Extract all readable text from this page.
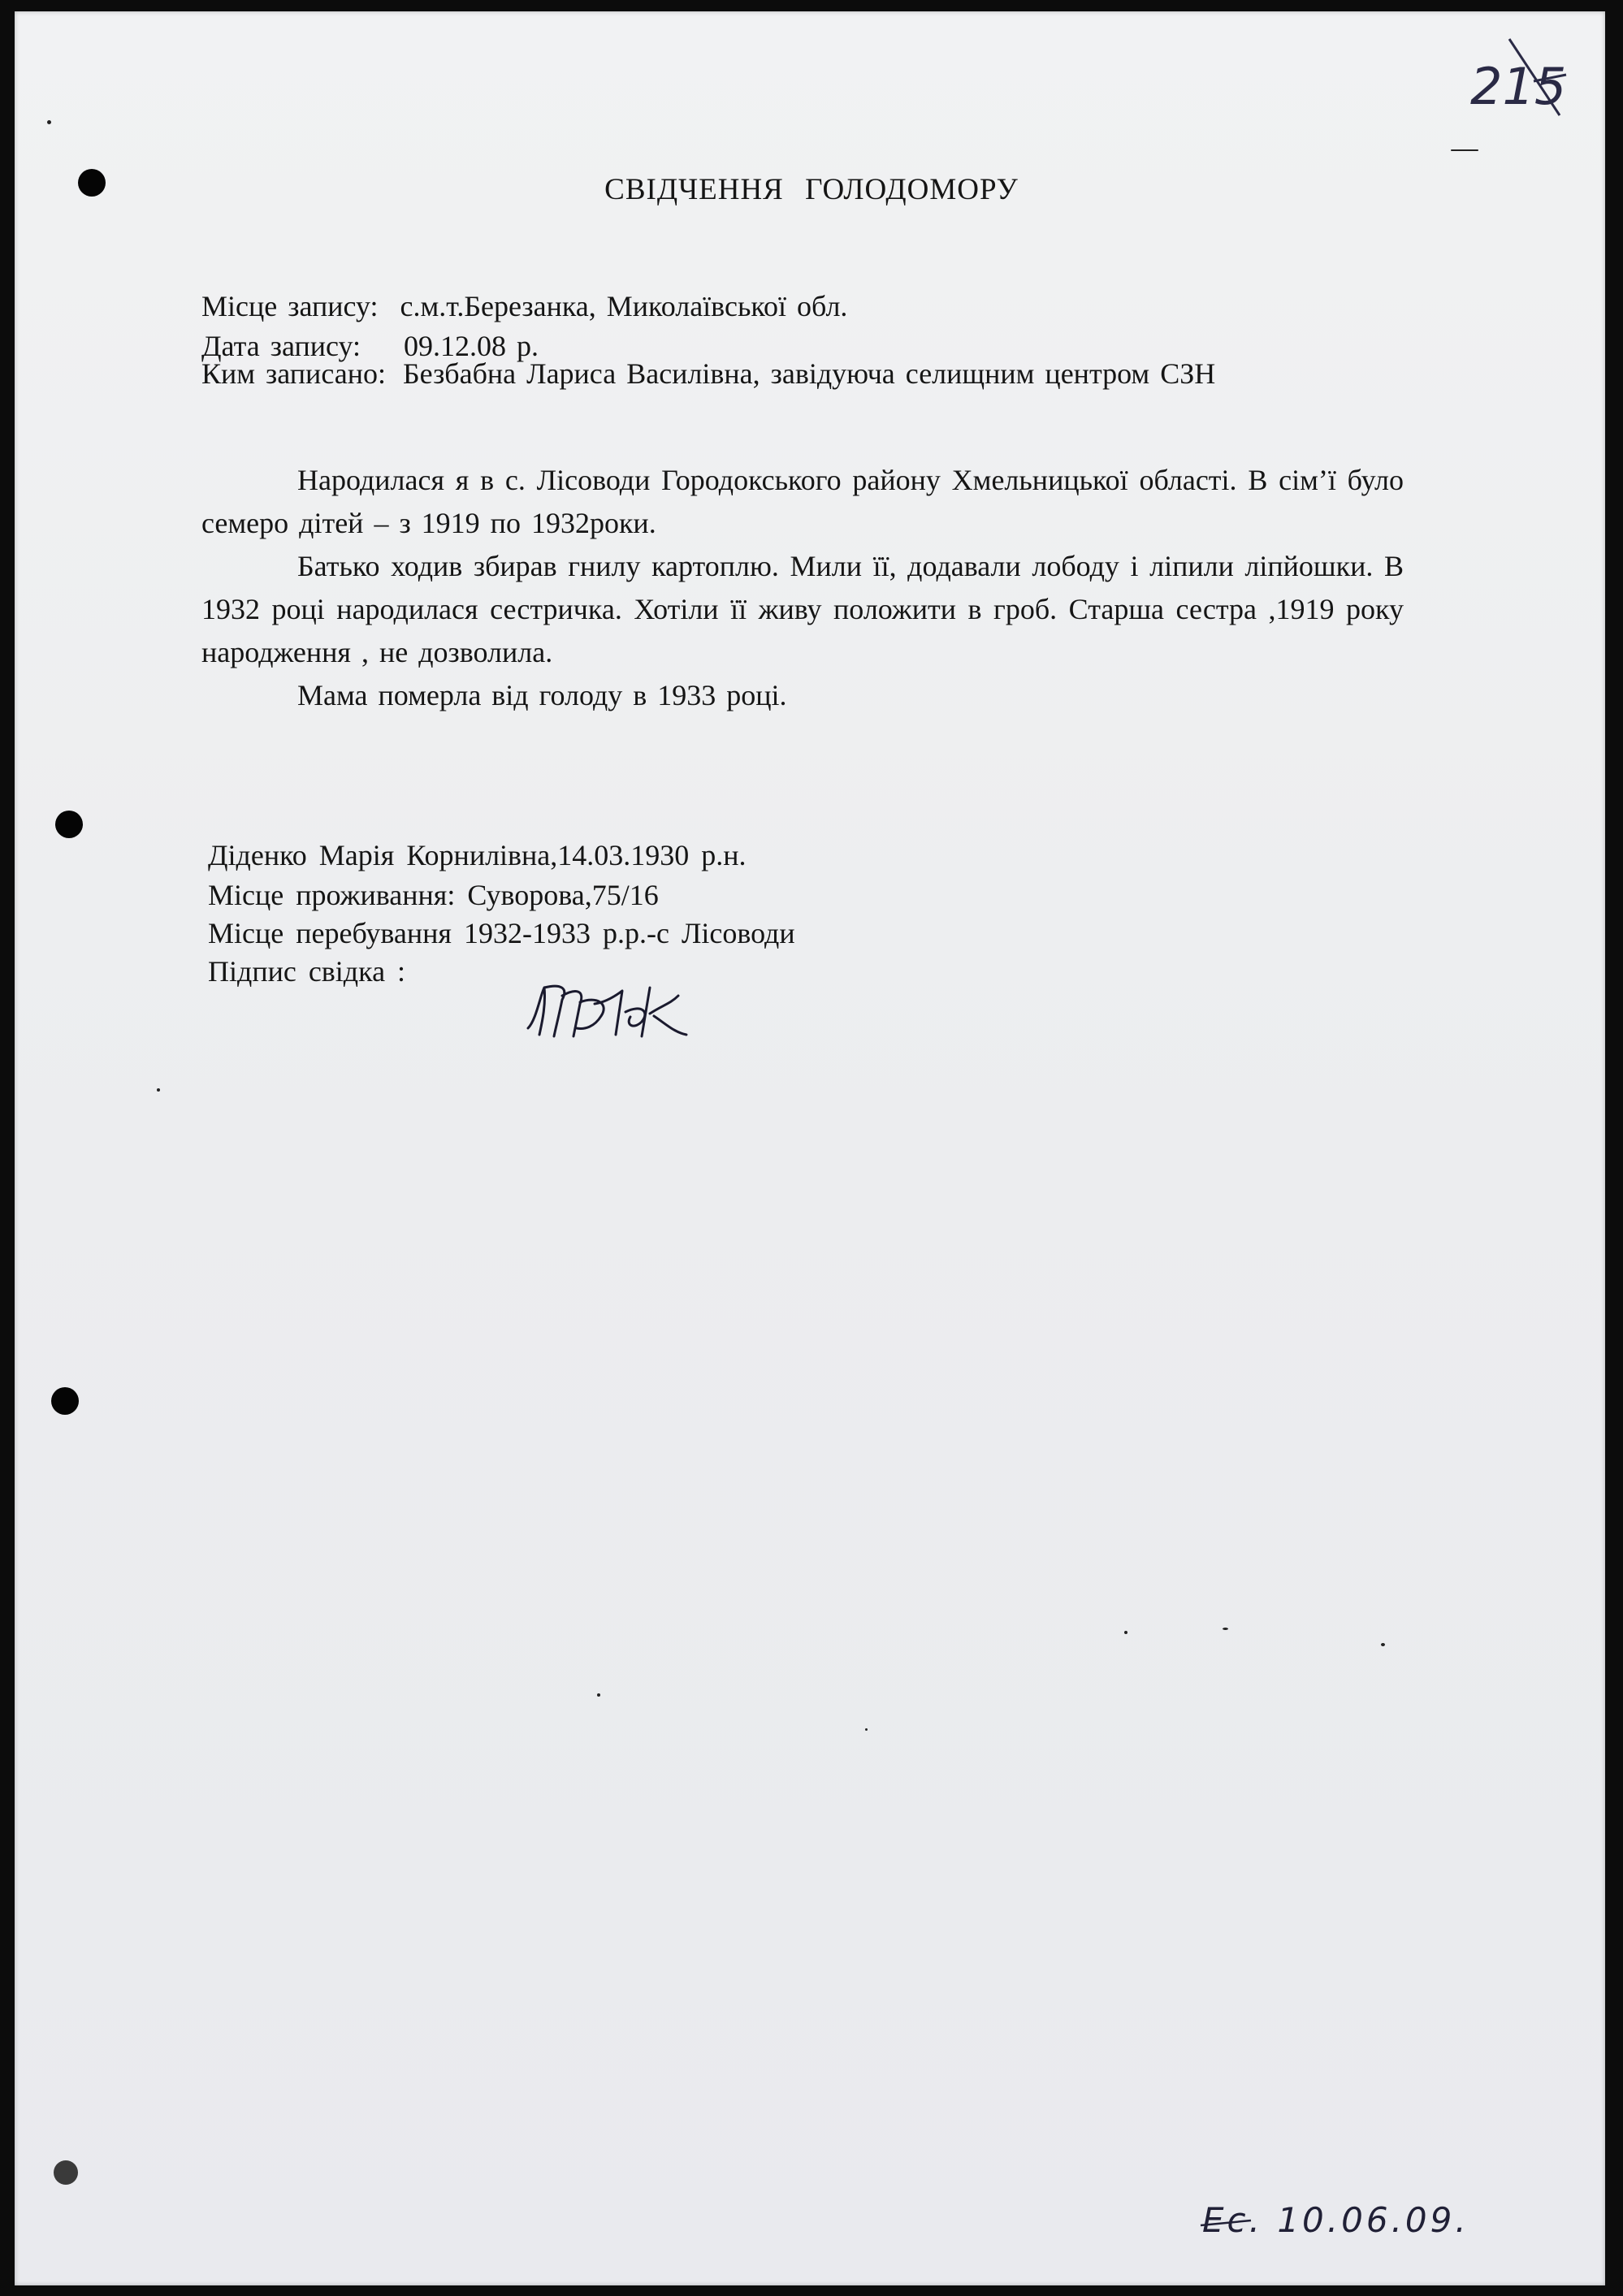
215
СВІДЧЕННЯ ГОЛОДОМОРУ
Місце запису: с.м.т.Березанка, Миколаївської обл.
Дата запису: 09.12.08 р.
Ким записано: Безбабна Лариса Василівна, завідуюча селищним центром СЗН

Народилася я в с. Лісоводи Городокського району Хмельницької області. В сім’ї було семеро дітей – з 1919 по 1932роки.

Батько ходив збирав гнилу картоплю. Мили її, додавали лободу і ліпили ліпйошки. В 1932 році народилася сестричка. Хотіли її живу положити в гроб. Старша сестра ,1919 року народження , не дозволила.

Мама померла від голоду в 1933 році.

Діденко Марія Корнилівна,14.03.1930 р.н.
Місце проживання: Суворова,75/16
Місце перебування 1932-1933 р.р.-с Лісоводи
Підпис свідка :
Ес. 10.06.09.
